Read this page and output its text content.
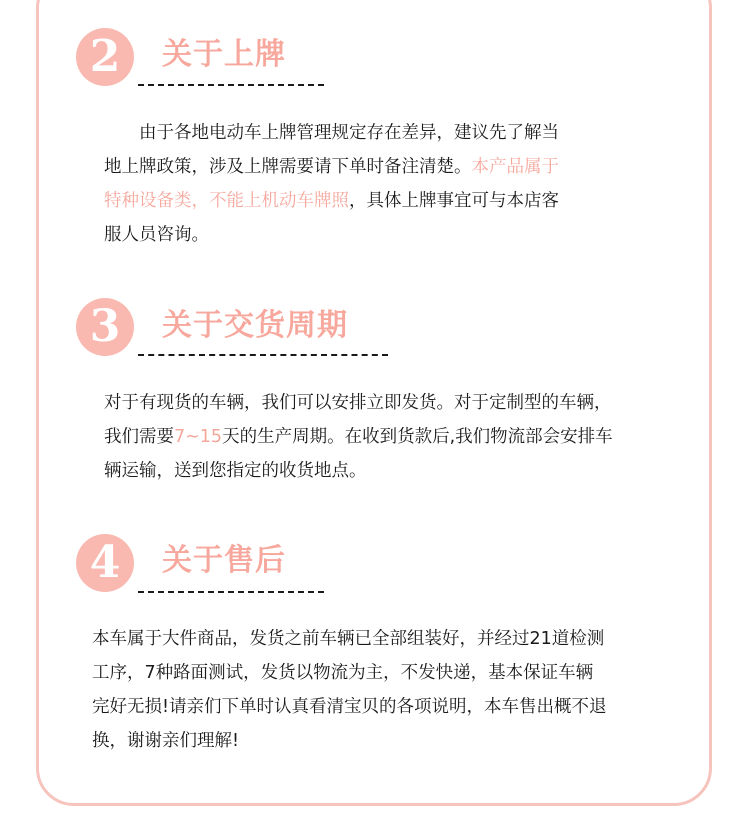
2	关于上牌
　　由于各地电动车上牌管理规定存在差异，建议先了解当
地上牌政策，涉及上牌需要请下单时备注清楚。本产品属于
特种设备类，不能上机动车牌照，具体上牌事宜可与本店客
服人员咨询。
3	关于交货周期
对于有现货的车辆，我们可以安排立即发货。对于定制型的车辆，
我们需要7~15天的生产周期。在收到货款后,我们物流部会安排车
辆运输，送到您指定的收货地点。
4	关于售后
本车属于大件商品，发货之前车辆已全部组装好，并经过21道检测
工序，7种路面测试，发货以物流为主，不发快递，基本保证车辆
完好无损!请亲们下单时认真看清宝贝的各项说明，本车售出概不退
换，谢谢亲们理解!
